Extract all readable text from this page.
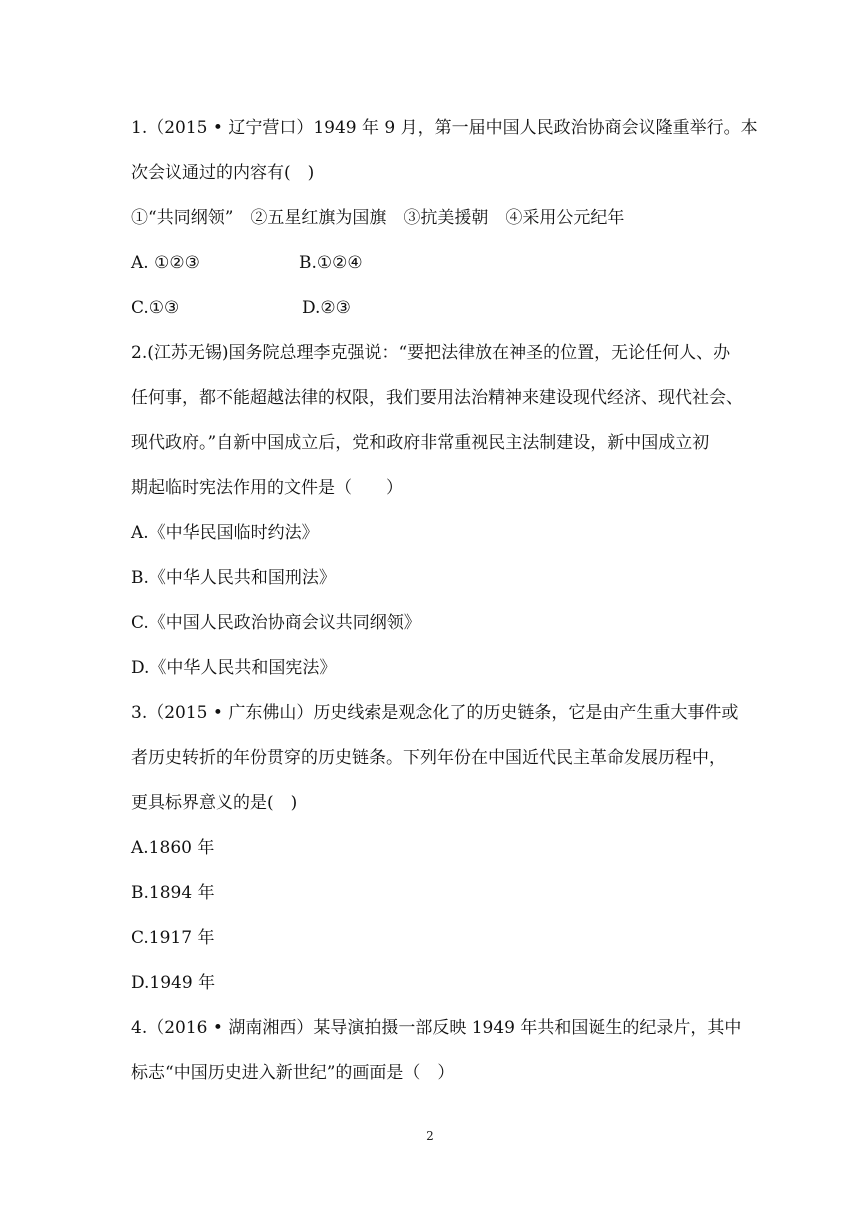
1.（2015 • 辽宁营口）1949 年 9 月，第一届中国人民政治协商会议隆重举行。本
次会议通过的内容有(　)
①“共同纲领”　②五星红旗为国旗　③抗美援朝　④采用公元纪年
A. ①②③	B.①②④
C.①③	D.②③
2.(江苏无锡)国务院总理李克强说：“要把法律放在神圣的位置，无论任何人、办
任何事，都不能超越法律的权限，我们要用法治精神来建设现代经济、现代社会、
现代政府。”自新中国成立后，党和政府非常重视民主法制建设，新中国成立初
期起临时宪法作用的文件是（　　）
A.《中华民国临时约法》
B.《中华人民共和国刑法》
C.《中国人民政治协商会议共同纲领》
D.《中华人民共和国宪法》
3.（2015 • 广东佛山）历史线索是观念化了的历史链条，它是由产生重大事件或
者历史转折的年份贯穿的历史链条。下列年份在中国近代民主革命发展历程中，
更具标界意义的是(　)
A.1860 年
B.1894 年
C.1917 年
D.1949 年
4.（2016 • 湖南湘西）某导演拍摄一部反映 1949 年共和国诞生的纪录片，其中
标志“中国历史进入新世纪”的画面是（　）
2
